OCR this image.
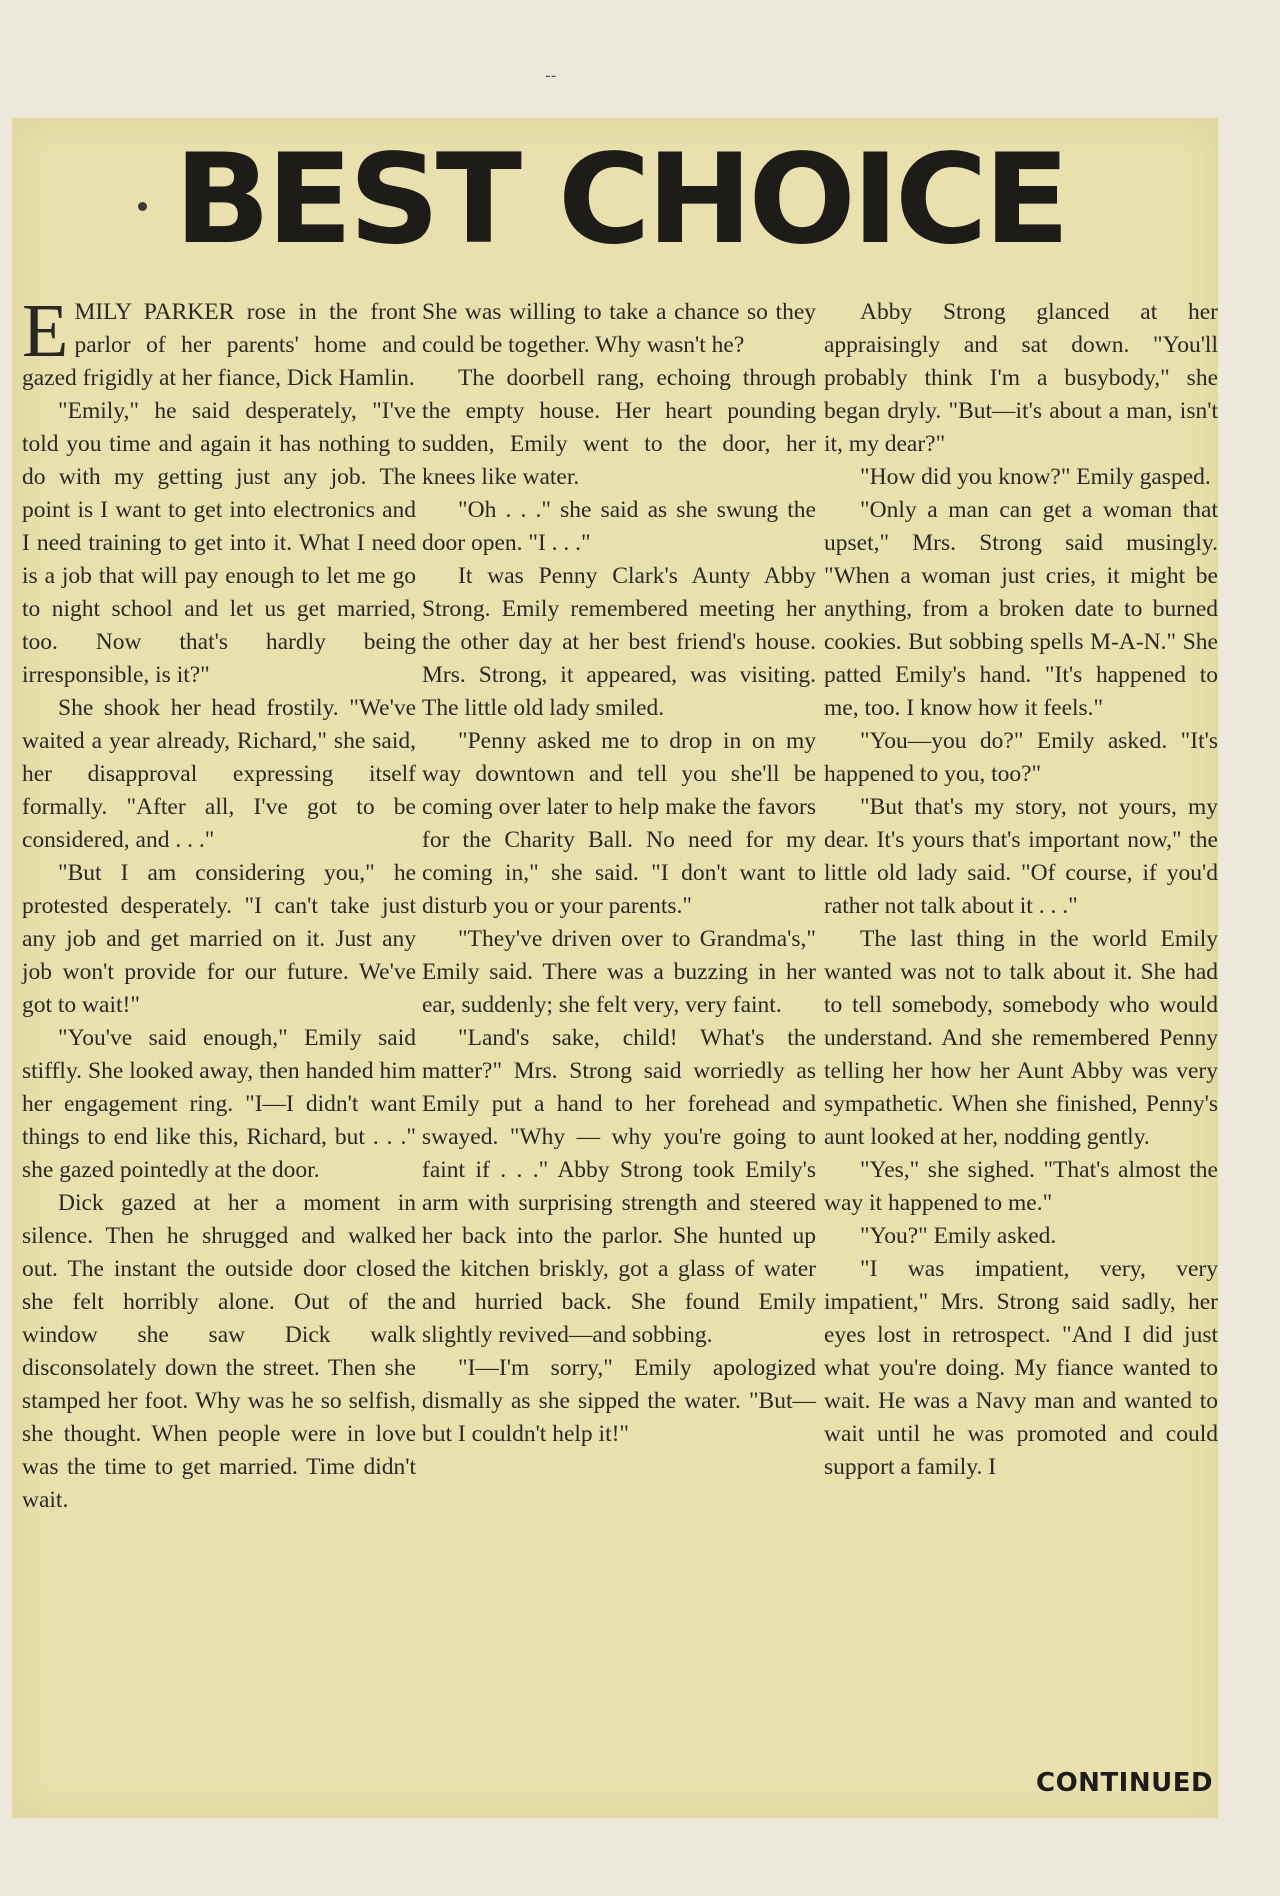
--
BEST CHOICE

EMILY PARKER rose in the front parlor of her parents' home and gazed frigidly at her fiance, Dick Hamlin.

"Emily," he said desperately, "I've told you time and again it has nothing to do with my getting just any job. The point is I want to get into electronics and I need training to get into it. What I need is a job that will pay enough to let me go to night school and let us get married, too. Now that's hardly being irresponsible, is it?"

She shook her head frostily. "We've waited a year already, Richard," she said, her disapproval expressing itself formally. "After all, I've got to be considered, and . . ."

"But I am considering you," he protested desperately. "I can't take just any job and get married on it. Just any job won't provide for our future. We've got to wait!"

"You've said enough," Emily said stiffly. She looked away, then handed him her engagement ring. "I—I didn't want things to end like this, Richard, but . . ." she gazed pointedly at the door.

Dick gazed at her a moment in silence. Then he shrugged and walked out. The instant the outside door closed she felt horribly alone. Out of the window she saw Dick walk disconsolately down the street. Then she stamped her foot. Why was he so selfish, she thought. When people were in love was the time to get married. Time didn't wait.

She was willing to take a chance so they could be together. Why wasn't he?

The doorbell rang, echoing through the empty house. Her heart pounding sudden, Emily went to the door, her knees like water.

"Oh . . ." she said as she swung the door open. "I . . ."

It was Penny Clark's Aunty Abby Strong. Emily remembered meeting her the other day at her best friend's house. Mrs. Strong, it appeared, was visiting. The little old lady smiled.

"Penny asked me to drop in on my way downtown and tell you she'll be coming over later to help make the favors for the Charity Ball. No need for my coming in," she said. "I don't want to disturb you or your parents."

"They've driven over to Grandma's," Emily said. There was a buzzing in her ear, suddenly; she felt very, very faint.

"Land's sake, child! What's the matter?" Mrs. Strong said worriedly as Emily put a hand to her forehead and swayed. "Why — why you're going to faint if . . ." Abby Strong took Emily's arm with surprising strength and steered her back into the parlor. She hunted up the kitchen briskly, got a glass of water and hurried back. She found Emily slightly revived—and sobbing.

"I—I'm sorry," Emily apologized dismally as she sipped the water. "But—but I couldn't help it!"

Abby Strong glanced at her appraisingly and sat down. "You'll probably think I'm a busybody," she began dryly. "But—it's about a man, isn't it, my dear?"

"How did you know?" Emily gasped.

"Only a man can get a woman that upset," Mrs. Strong said musingly. "When a woman just cries, it might be anything, from a broken date to burned cookies. But sobbing spells M-A-N." She patted Emily's hand. "It's happened to me, too. I know how it feels."

"You—you do?" Emily asked. "It's happened to you, too?"

"But that's my story, not yours, my dear. It's yours that's important now," the little old lady said. "Of course, if you'd rather not talk about it . . ."

The last thing in the world Emily wanted was not to talk about it. She had to tell somebody, somebody who would understand. And she remembered Penny telling her how her Aunt Abby was very sympathetic. When she finished, Penny's aunt looked at her, nodding gently.

"Yes," she sighed. "That's almost the way it happened to me."

"You?" Emily asked.

"I was impatient, very, very impatient," Mrs. Strong said sadly, her eyes lost in retrospect. "And I did just what you're doing. My fiance wanted to wait. He was a Navy man and wanted to wait until he was promoted and could support a family. I

CONTINUED
